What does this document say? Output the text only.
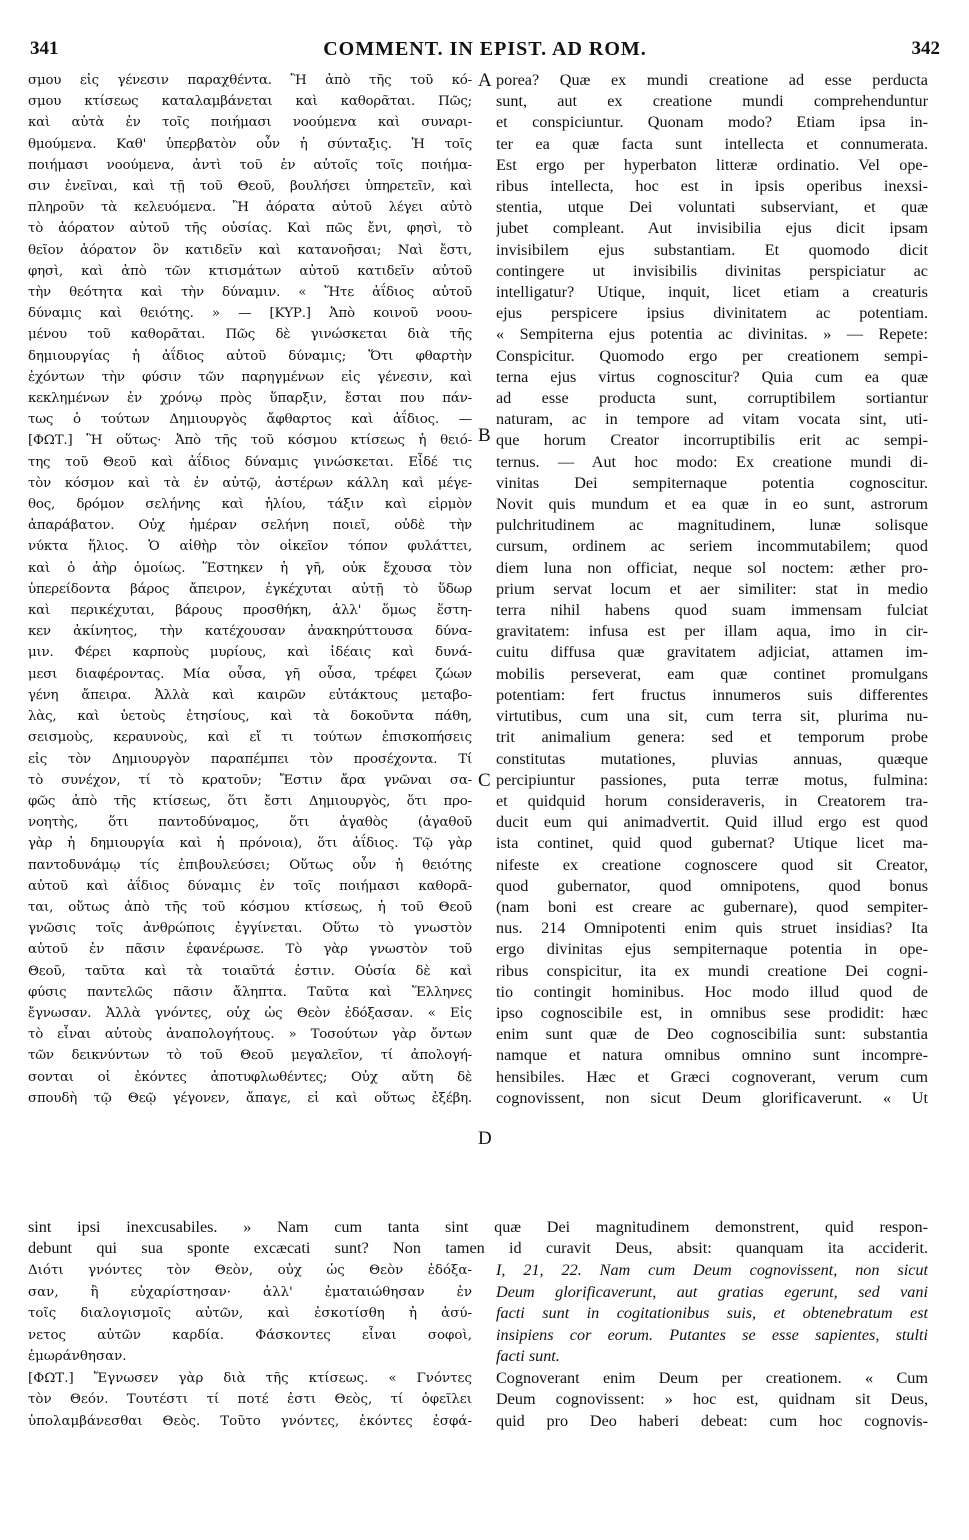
341	COMMENT. IN EPIST. AD ROM.	342
A
B
C
D
σμου εἰς γένεσιν παραχθέντα. Ἢ ἀπὸ τῆς τοῦ κό-
σμου κτίσεως καταλαμβάνεται καὶ καθορᾶται. Πῶς;
καὶ αὐτὰ ἐν τοῖς ποιήμασι νοούμενα καὶ συναρι-
θμούμενα. Καθ' ὑπερβατὸν οὖν ἡ σύνταξις. Ἡ τοῖς
ποιήμασι νοούμενα, ἀντὶ τοῦ ἐν αὐτοῖς τοῖς ποιήμα-
σιν ἐνεῖναι, καὶ τῇ τοῦ Θεοῦ, βουλήσει ὑπηρετεῖν, καὶ
πληροῦν τὰ κελευόμενα. Ἢ ἀόρατα αὐτοῦ λέγει αὐτὸ
τὸ ἀόρατον αὐτοῦ τῆς οὐσίας. Καὶ πῶς ἔνι, φησὶ, τὸ
θεῖον ἀόρατον ὂν κατιδεῖν καὶ κατανοῆσαι; Ναὶ ἔστι,
φησὶ, καὶ ἀπὸ τῶν κτισμάτων αὐτοῦ κατιδεῖν αὐτοῦ
τὴν θεότητα καὶ τὴν δύναμιν. « Ἥτε ἀΐδιος αὐτοῦ
δύναμις καὶ θειότης. » — [ΚΥΡ.] Ἀπὸ κοινοῦ νοου-
μένου τοῦ καθορᾶται. Πῶς δὲ γινώσκεται διὰ τῆς
δημιουργίας ἡ ἀΐδιος αὐτοῦ δύναμις; Ὅτι φθαρτὴν
ἐχόντων τὴν φύσιν τῶν παρηγμένων εἰς γένεσιν, καὶ
κεκλημένων ἐν χρόνῳ πρὸς ὕπαρξιν, ἔσται που πάν-
τως ὁ τούτων Δημιουργὸς ἄφθαρτος καὶ ἀΐδιος. —
[ΦΩΤ.] Ἢ οὕτως· Ἀπὸ τῆς τοῦ κόσμου κτίσεως ἡ θειό-
της τοῦ Θεοῦ καὶ ἀΐδιος δύναμις γινώσκεται. Εἶδέ τις
τὸν κόσμον καὶ τὰ ἐν αὐτῷ, ἀστέρων κάλλη καὶ μέγε-
θος, δρόμον σελήνης καὶ ἡλίου, τάξιν καὶ εἱρμὸν
ἀπαράβατον. Οὐχ ἡμέραν σελήνη ποιεῖ, οὐδὲ τὴν
νύκτα ἥλιος. Ὁ αἰθὴρ τὸν οἰκεῖον τόπον φυλάττει,
καὶ ὁ ἀὴρ ὁμοίως. Ἕστηκεν ἡ γῆ, οὐκ ἔχουσα τὸν
ὑπερείδοντα βάρος ἄπειρον, ἐγκέχυται αὐτῇ τὸ ὕδωρ
καὶ περικέχυται, βάρους προσθήκη, ἀλλ' ὅμως ἕστη-
κεν ἀκίνητος, τὴν κατέχουσαν ἀνακηρύττουσα δύνα-
μιν. Φέρει καρποὺς μυρίους, καὶ ἰδέαις καὶ δυνά-
μεσι διαφέροντας. Μία οὖσα, γῆ οὖσα, τρέφει ζώων
γένη ἄπειρα. Ἀλλὰ καὶ καιρῶν εὐτάκτους μεταβο-
λὰς, καὶ ὑετοὺς ἐτησίους, καὶ τὰ δοκοῦντα πάθη,
σεισμοὺς, κεραυνοὺς, καὶ εἴ τι τούτων ἐπισκοπήσεις
εἰς τὸν Δημιουργὸν παραπέμπει τὸν προσέχοντα. Τί
τὸ συνέχον, τί τὸ κρατοῦν; Ἔστιν ἄρα γνῶναι σα-
φῶς ἀπὸ τῆς κτίσεως, ὅτι ἔστι Δημιουργὸς, ὅτι προ-
νοητὴς, ὅτι παντοδύναμος, ὅτι ἀγαθὸς (ἀγαθοῦ
γὰρ ἡ δημιουργία καὶ ἡ πρόνοια), ὅτι ἀΐδιος. Τῷ γὰρ
παντοδυνάμῳ τίς ἐπιβουλεύσει; Οὕτως οὖν ἡ θειότης
αὐτοῦ καὶ ἀΐδιος δύναμις ἐν τοῖς ποιήμασι καθορᾶ-
ται, οὕτως ἀπὸ τῆς τοῦ κόσμου κτίσεως, ἡ τοῦ Θεοῦ
γνῶσις τοῖς ἀνθρώποις ἐγγίνεται. Οὕτω τὸ γνωστὸν
αὐτοῦ ἐν πᾶσιν ἐφανέρωσε. Τὸ γὰρ γνωστὸν τοῦ
Θεοῦ, ταῦτα καὶ τὰ τοιαῦτά ἐστιν. Οὐσία δὲ καὶ
φύσις παντελῶς πᾶσιν ἄληπτα. Ταῦτα καὶ Ἕλληνες
ἔγνωσαν. Ἀλλὰ γνόντες, οὐχ ὡς Θεὸν ἐδόξασαν. « Εἰς
τὸ εἶναι αὐτοὺς ἀναπολογήτους. » Τοσούτων γὰρ ὄντων
τῶν δεικνύντων τὸ τοῦ Θεοῦ μεγαλεῖον, τί ἀπολογή-
σονται οἱ ἑκόντες ἀποτυφλωθέντες; Οὐχ αὕτη δὲ
σπουδὴ τῷ Θεῷ γέγονεν, ἄπαγε, εἰ καὶ οὕτως ἐξέβη.
porea? Quæ ex mundi creatione ad esse perducta
sunt, aut ex creatione mundi comprehenduntur
et conspiciuntur. Quonam modo? Etiam ipsa in-
ter ea quæ facta sunt intellecta et connumerata.
Est ergo per hyperbaton litteræ ordinatio. Vel ope-
ribus intellecta, hoc est in ipsis operibus inexsi-
stentia, utque Dei voluntati subserviant, et quæ
jubet compleant. Aut invisibilia ejus dicit ipsam
invisibilem ejus substantiam. Et quomodo dicit
contingere ut invisibilis divinitas perspiciatur ac
intelligatur? Utique, inquit, licet etiam a creaturis
ejus perspicere ipsius divinitatem ac potentiam.
« Sempiterna ejus potentia ac divinitas. » — Repete:
Conspicitur. Quomodo ergo per creationem sempi-
terna ejus virtus cognoscitur? Quia cum ea quæ
ad esse producta sunt, corruptibilem sortiantur
naturam, ac in tempore ad vitam vocata sint, uti-
que horum Creator incorruptibilis erit ac sempi-
ternus. — Aut hoc modo: Ex creatione mundi di-
vinitas Dei sempiternaque potentia cognoscitur.
Novit quis mundum et ea quæ in eo sunt, astrorum
pulchritudinem ac magnitudinem, lunæ solisque
cursum, ordinem ac seriem incommutabilem; quod
diem luna non officiat, neque sol noctem: æther pro-
prium servat locum et aer similiter: stat in medio
terra nihil habens quod suam immensam fulciat
gravitatem: infusa est per illam aqua, imo in cir-
cuitu diffusa quæ gravitatem adjiciat, attamen im-
mobilis perseverat, eam quæ continet promulgans
potentiam: fert fructus innumeros suis differentes
virtutibus, cum una sit, cum terra sit, plurima nu-
trit animalium genera: sed et temporum probe
constitutas mutationes, pluvias annuas, quæque
percipiuntur passiones, puta terræ motus, fulmina:
et quidquid horum consideraveris, in Creatorem tra-
ducit eum qui animadvertit. Quid illud ergo est quod
ista continet, quid quod gubernat? Utique licet ma-
nifeste ex creatione cognoscere quod sit Creator,
quod gubernator, quod omnipotens, quod bonus
(nam boni est creare ac gubernare), quod sempiter-
nus. 214 Omnipotenti enim quis struet insidias? Ita
ergo divinitas ejus sempiternaque potentia in ope-
ribus conspicitur, ita ex mundi creatione Dei cogni-
tio contingit hominibus. Hoc modo illud quod de
ipso cognoscibile est, in omnibus sese prodidit: hæc
enim sunt quæ de Deo cognoscibilia sunt: substantia
namque et natura omnibus omnino sunt incompre-
hensibiles. Hæc et Græci cognoverant, verum cum
cognovissent, non sicut Deum glorificaverunt. « Ut
sint ipsi inexcusabiles. » Nam cum tanta sint quæ Dei magnitudinem demonstrent, quid respon-
debunt qui sua sponte excæcati sunt? Non tamen id curavit Deus, absit: quanquam ita acciderit.
Διότι γνόντες τὸν Θεὸν, οὐχ ὡς Θεὸν ἐδόξα-
σαν, ἢ εὐχαρίστησαν· ἀλλ' ἐματαιώθησαν ἐν
τοῖς διαλογισμοῖς αὐτῶν, καὶ ἐσκοτίσθη ἡ ἀσύ-
νετος αὐτῶν καρδία. Φάσκοντες εἶναι σοφοὶ,
ἐμωράνθησαν.
[ΦΩΤ.] Ἔγνωσεν γὰρ διὰ τῆς κτίσεως. « Γνόντες
τὸν Θεόν. Τουτέστι τί ποτέ ἐστι Θεὸς, τί ὀφεῖλει
ὑπολαμβάνεσθαι Θεὸς. Τοῦτο γνόντες, ἑκόντες ἐσφά-
I, 21, 22. Nam cum Deum cognovissent, non sicut
Deum glorificaverunt, aut gratias egerunt, sed vani
facti sunt in cogitationibus suis, et obtenebratum est
insipiens cor eorum. Putantes se esse sapientes, stulti
facti sunt.
Cognoverant enim Deum per creationem. « Cum
Deum cognovissent: » hoc est, quidnam sit Deus,
quid pro Deo haberi debeat: cum hoc cognovis-
